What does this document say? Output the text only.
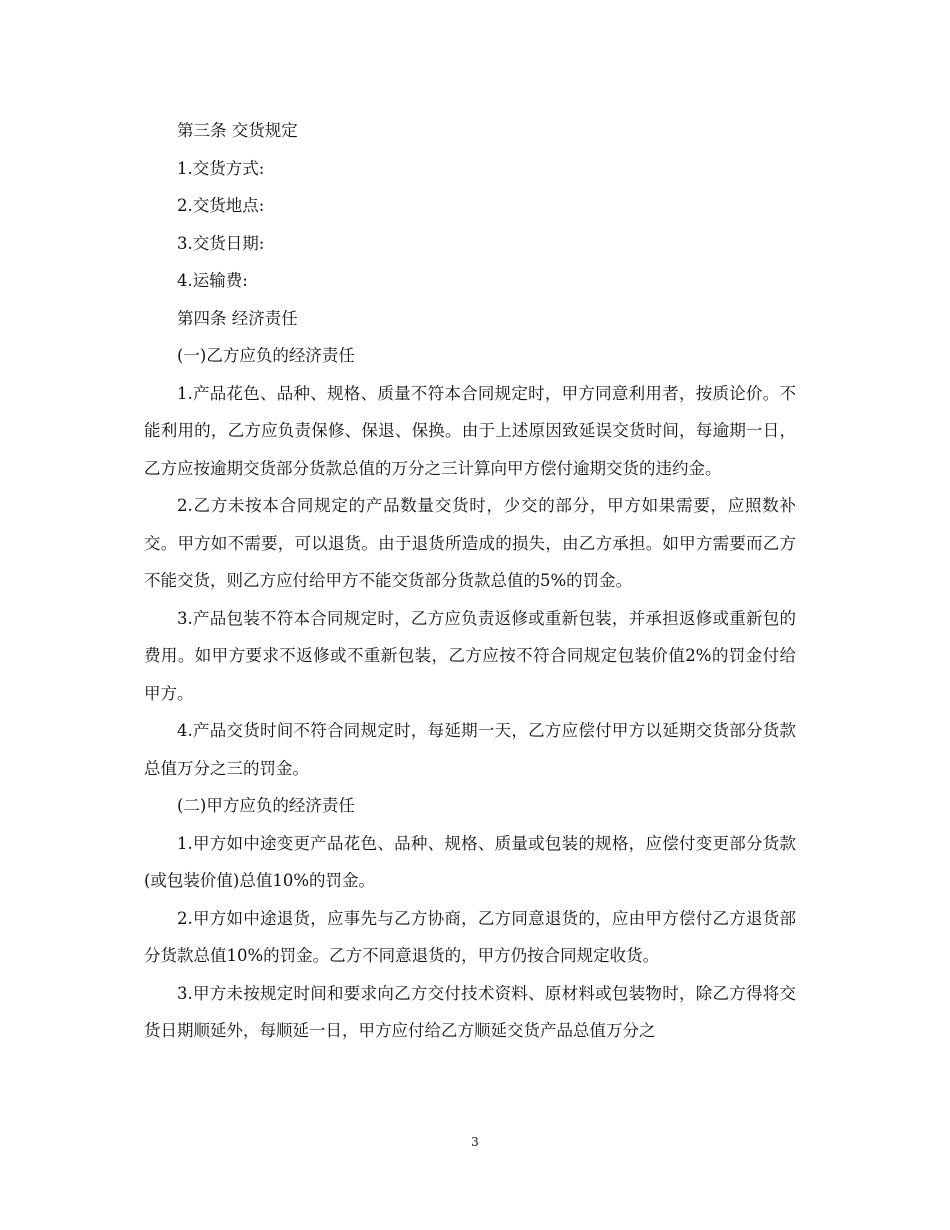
第三条 交货规定

1.交货方式:

2.交货地点:

3.交货日期:

4.运输费:

第四条 经济责任

(一)乙方应负的经济责任

1.产品花色、品种、规格、质量不符本合同规定时，甲方同意利用者，按质论价。不能利用的，乙方应负责保修、保退、保换。由于上述原因致延误交货时间，每逾期一日，乙方应按逾期交货部分货款总值的万分之三计算向甲方偿付逾期交货的违约金。

2.乙方未按本合同规定的产品数量交货时，少交的部分，甲方如果需要，应照数补交。甲方如不需要，可以退货。由于退货所造成的损失，由乙方承担。如甲方需要而乙方不能交货，则乙方应付给甲方不能交货部分货款总值的5%的罚金。

3.产品包装不符本合同规定时，乙方应负责返修或重新包装，并承担返修或重新包的费用。如甲方要求不返修或不重新包装，乙方应按不符合同规定包装价值2%的罚金付给甲方。

4.产品交货时间不符合同规定时，每延期一天，乙方应偿付甲方以延期交货部分货款总值万分之三的罚金。

(二)甲方应负的经济责任

1.甲方如中途变更产品花色、品种、规格、质量或包装的规格，应偿付变更部分货款(或包装价值)总值10%的罚金。

2.甲方如中途退货，应事先与乙方协商，乙方同意退货的，应由甲方偿付乙方退货部分货款总值10%的罚金。乙方不同意退货的，甲方仍按合同规定收货。

3.甲方未按规定时间和要求向乙方交付技术资料、原材料或包装物时，除乙方得将交货日期顺延外，每顺延一日，甲方应付给乙方顺延交货产品总值万分之

3
